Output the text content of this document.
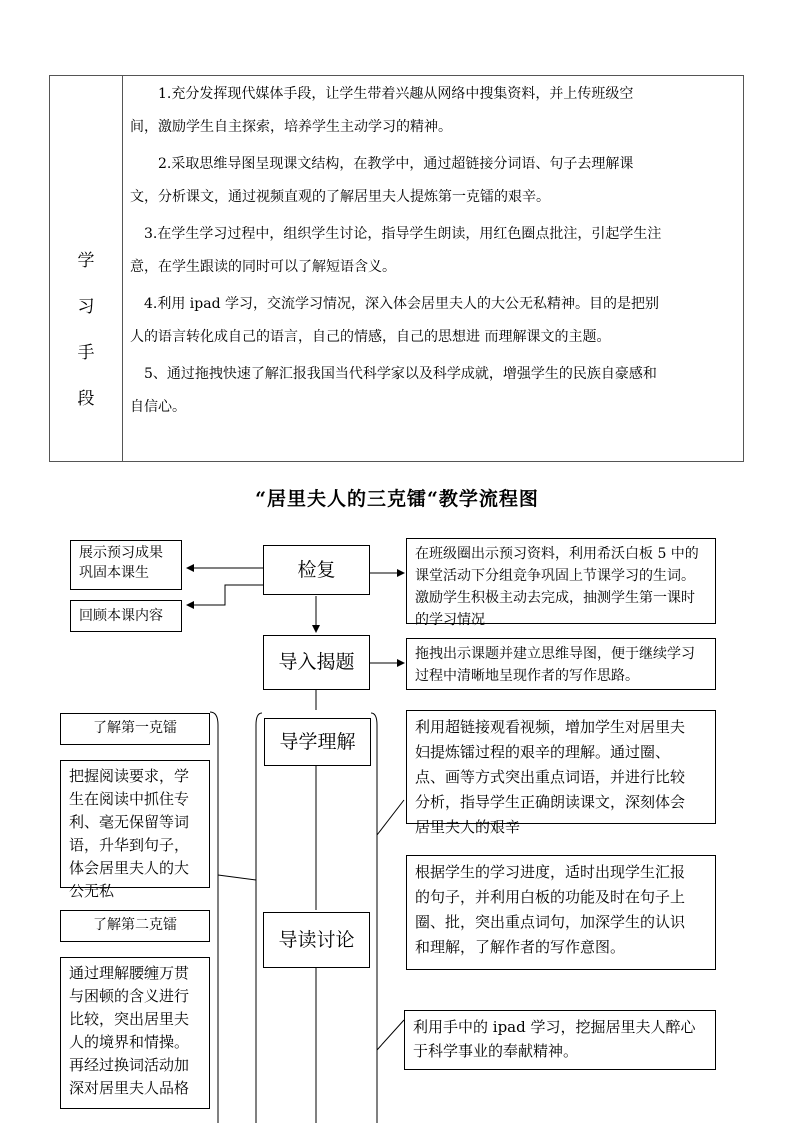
学
习
手
段

　　1.充分发挥现代媒体手段，让学生带着兴趣从网络中搜集资料，并上传班级空

间，激励学生自主探索，培养学生主动学习的精神。

　　2.采取思维导图呈现课文结构，在教学中，通过超链接分词语、句子去理解课

文，分析课文，通过视频直观的了解居里夫人提炼第一克镭的艰辛。

　3.在学生学习过程中，组织学生讨论，指导学生朗读，用红色圈点批注，引起学生注

意，在学生跟读的同时可以了解短语含义。

　4.利用 ipad 学习，交流学习情况，深入体会居里夫人的大公无私精神。目的是把别

人的语言转化成自己的语言，自己的情感，自己的思想进 而理解课文的主题。

　5、通过拖拽快速了解汇报我国当代科学家以及科学成就，增强学生的民族自豪感和

自信心。

“居里夫人的三克镭“教学流程图
检复
导入揭题
导学理解
导读讨论
展示预习成果
巩固本课生
回顾本课内容
在班级圈出示预习资料，利用希沃白板 5 中的
课堂活动下分组竞争巩固上节课学习的生词。
激励学生积极主动去完成，抽测学生第一课时
的学习情况
拖拽出示课题并建立思维导图，便于继续学习
过程中清晰地呈现作者的写作思路。
利用超链接观看视频，增加学生对居里夫
妇提炼镭过程的艰辛的理解。通过圈、
点、画等方式突出重点词语，并进行比较
分析，指导学生正确朗读课文，深刻体会
居里夫人的艰辛
根据学生的学习进度，适时出现学生汇报
的句子，并利用白板的功能及时在句子上
圈、批，突出重点词句，加深学生的认识
和理解，了解作者的写作意图。
利用手中的 ipad 学习，挖掘居里夫人醉心
于科学事业的奉献精神。
了解第一克镭
把握阅读要求，学
生在阅读中抓住专
利、毫无保留等词
语，升华到句子，
体会居里夫人的大
公无私
了解第二克镭
通过理解腰缠万贯
与困顿的含义进行
比较，突出居里夫
人的境界和情操。
再经过换词活动加
深对居里夫人品格
